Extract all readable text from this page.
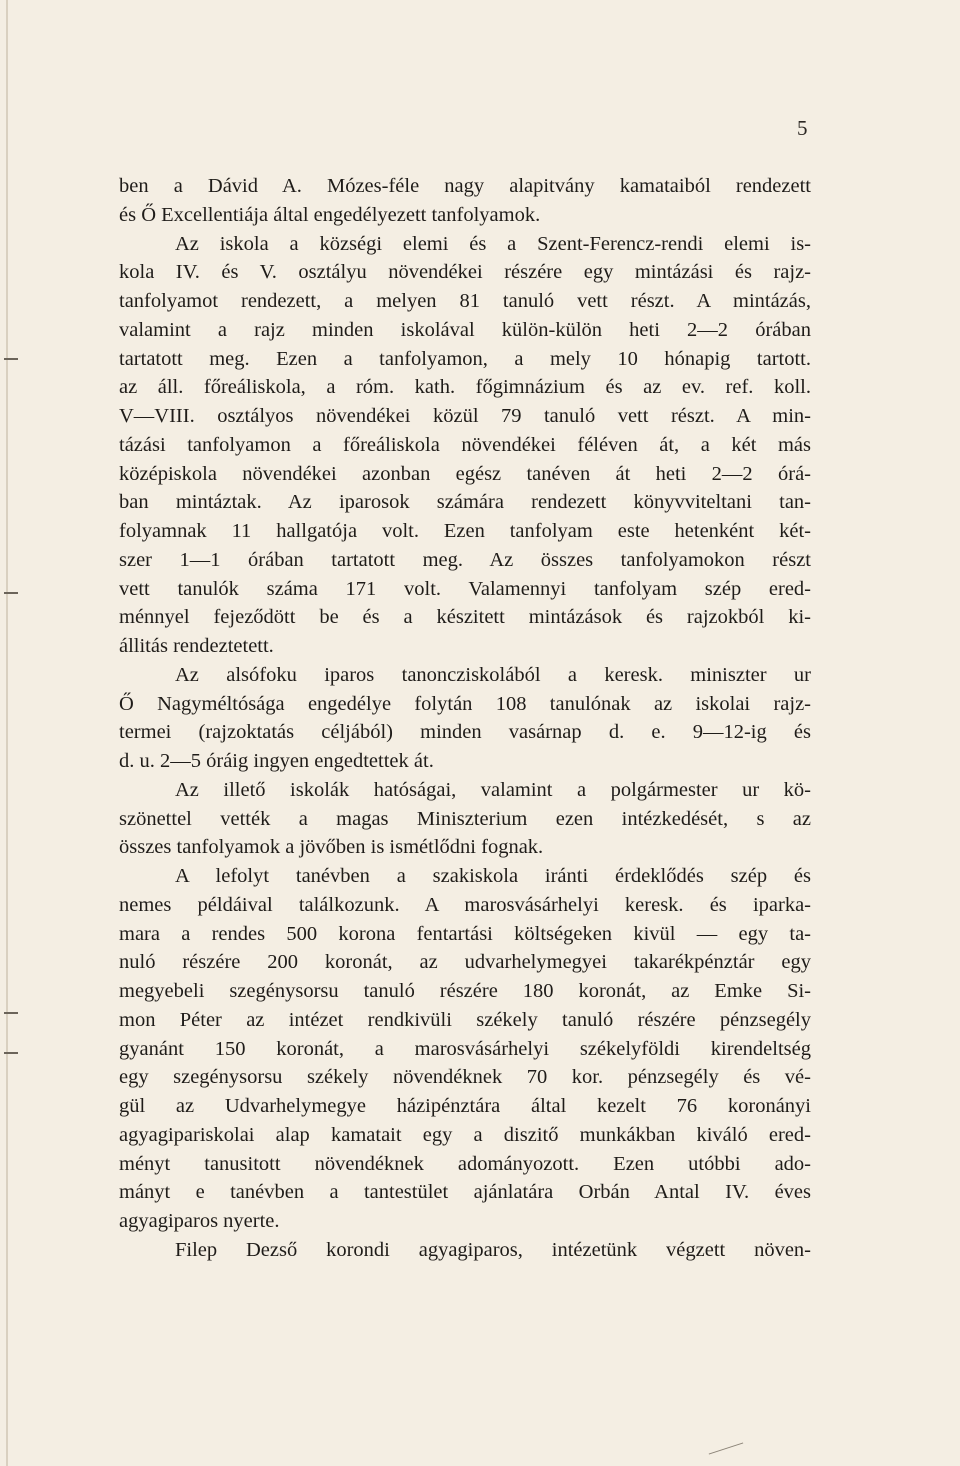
5
ben a Dávid A. Mózes-féle nagy alapitvány kamataiból rendezett
és Ő Excellentiája által engedélyezett tanfolyamok.
Az iskola a községi elemi és a Szent-Ferencz-rendi elemi is-
kola IV. és V. osztályu növendékei részére egy mintázási és rajz-
tanfolyamot rendezett, a melyen 81 tanuló vett részt. A mintázás,
valamint a rajz minden iskolával külön-külön heti 2—2 órában
tartatott meg. Ezen a tanfolyamon, a mely 10 hónapig tartott.
az áll. főreáliskola, a róm. kath. főgimnázium és az ev. ref. koll.
V—VIII. osztályos növendékei közül 79 tanuló vett részt. A min-
tázási tanfolyamon a főreáliskola növendékei féléven át, a két más
középiskola növendékei azonban egész tanéven át heti 2—2 órá-
ban mintáztak. Az iparosok számára rendezett könyvviteltani tan-
folyamnak 11 hallgatója volt. Ezen tanfolyam este hetenként két-
szer 1—1 órában tartatott meg. Az összes tanfolyamokon részt
vett tanulók száma 171 volt. Valamennyi tanfolyam szép ered-
ménnyel fejeződött be és a készitett mintázások és rajzokból ki-
állitás rendeztetett.
Az alsófoku iparos tanoncziskolából a keresk. miniszter ur
Ő Nagyméltósága engedélye folytán 108 tanulónak az iskolai rajz-
termei (rajzoktatás céljából) minden vasárnap d. e. 9—12-ig és
d. u. 2—5 óráig ingyen engedtettek át.
Az illető iskolák hatóságai, valamint a polgármester ur kö-
szönettel vették a magas Miniszterium ezen intézkedését, s az
összes tanfolyamok a jövőben is ismétlődni fognak.
A lefolyt tanévben a szakiskola iránti érdeklődés szép és
nemes példáival találkozunk. A marosvásárhelyi keresk. és iparka-
mara a rendes 500 korona fentartási költségeken kivül — egy ta-
nuló részére 200 koronát, az udvarhelymegyei takarékpénztár egy
megyebeli szegénysorsu tanuló részére 180 koronát, az Emke Si-
mon Péter az intézet rendkivüli székely tanuló részére pénzsegély
gyanánt 150 koronát, a marosvásárhelyi székelyföldi kirendeltség
egy szegénysorsu székely növendéknek 70 kor. pénzsegély és vé-
gül az Udvarhelymegye házipénztára által kezelt 76 koronányi
agyagipariskolai alap kamatait egy a diszitő munkákban kiváló ered-
ményt tanusitott növendéknek adományozott. Ezen utóbbi ado-
mányt e tanévben a tantestület ajánlatára Orbán Antal IV. éves
agyagiparos nyerte.
Filep Dezső korondi agyagiparos, intézetünk végzett növen-
